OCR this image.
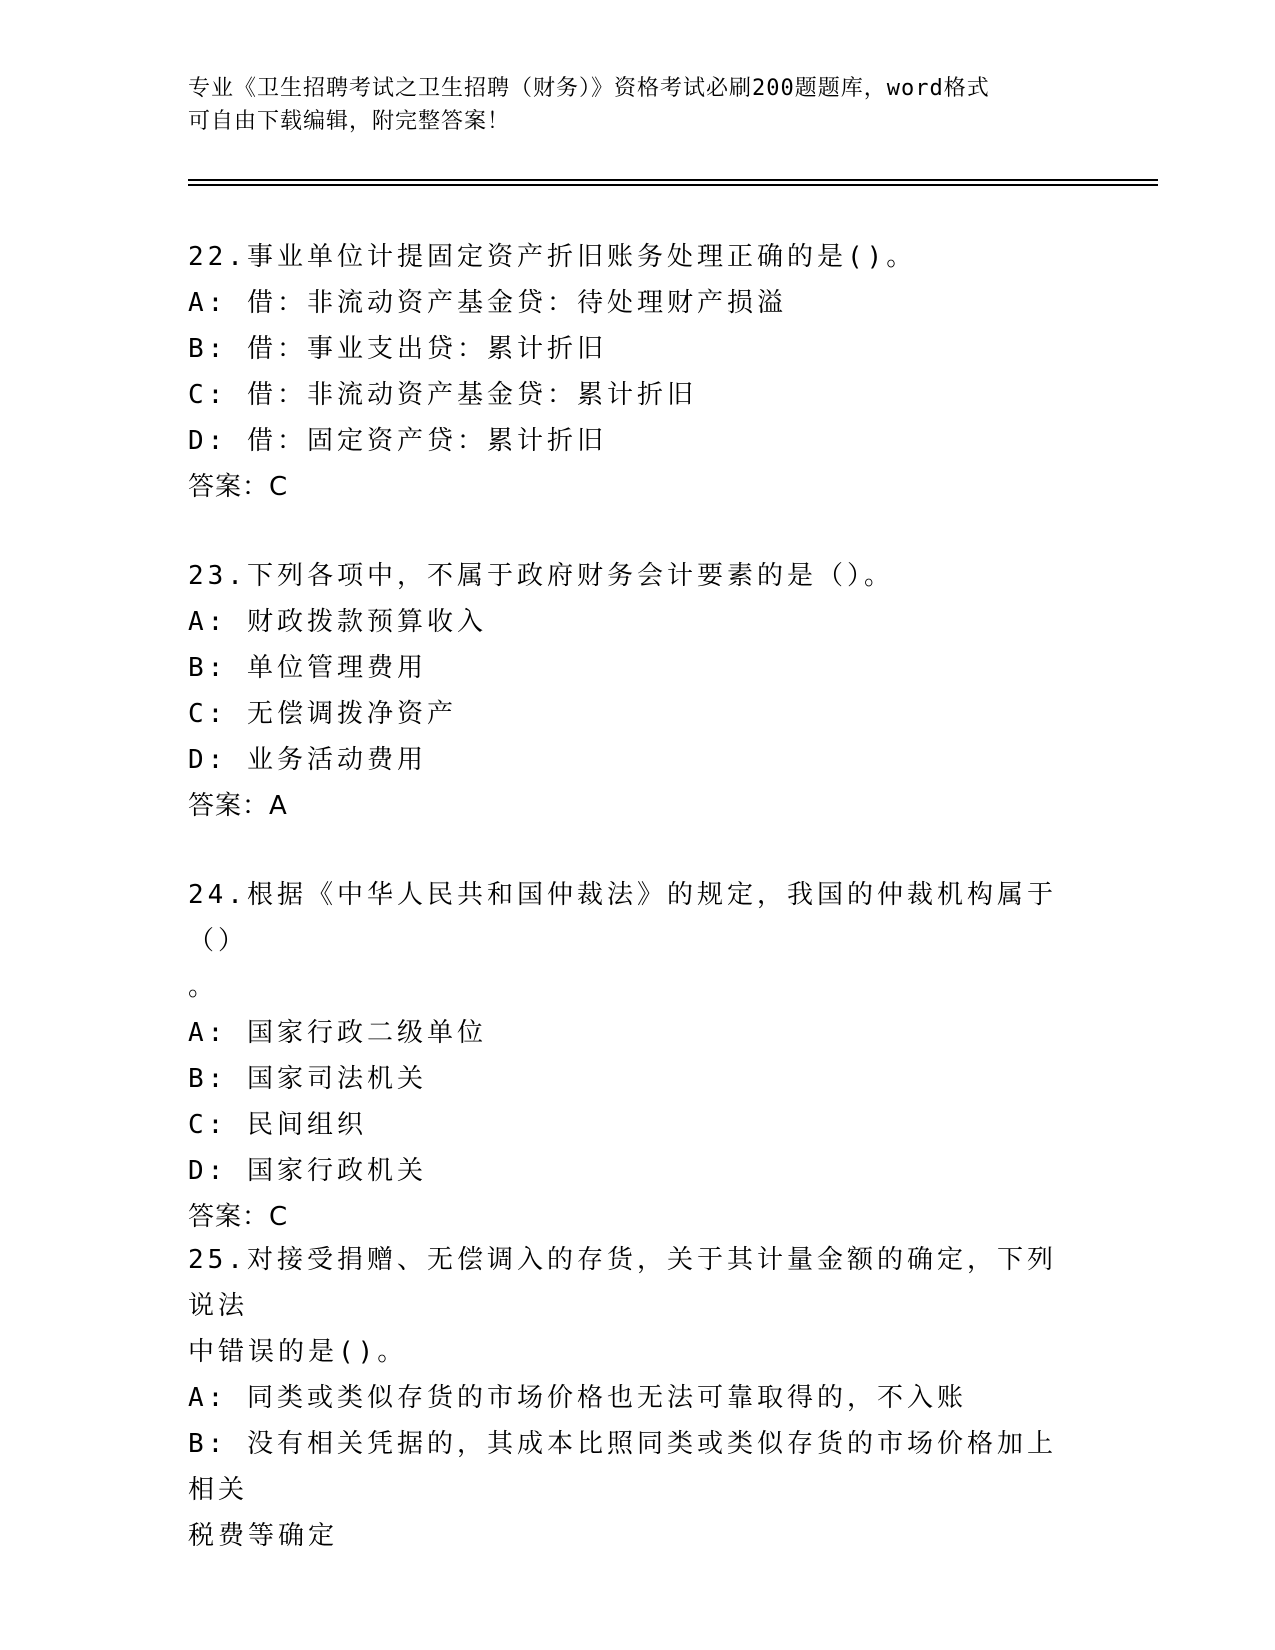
专业《卫生招聘考试之卫生招聘（财务）》资格考试必刷200题题库，word格式
可自由下载编辑，附完整答案！
22.事业单位计提固定资产折旧账务处理正确的是()。
A: 借：非流动资产基金贷：待处理财产损溢
B: 借：事业支出贷：累计折旧
C: 借：非流动资产基金贷：累计折旧
D: 借：固定资产贷：累计折旧
答案：C
23.下列各项中，不属于政府财务会计要素的是（）。
A: 财政拨款预算收入
B: 单位管理费用
C: 无偿调拨净资产
D: 业务活动费用
答案：A
24.根据《中华人民共和国仲裁法》的规定，我国的仲裁机构属于（）
。
A: 国家行政二级单位
B: 国家司法机关
C: 民间组织
D: 国家行政机关
答案：C
25.对接受捐赠、无偿调入的存货，关于其计量金额的确定，下列说法
中错误的是()。
A: 同类或类似存货的市场价格也无法可靠取得的，不入账
B: 没有相关凭据的，其成本比照同类或类似存货的市场价格加上相关
税费等确定
